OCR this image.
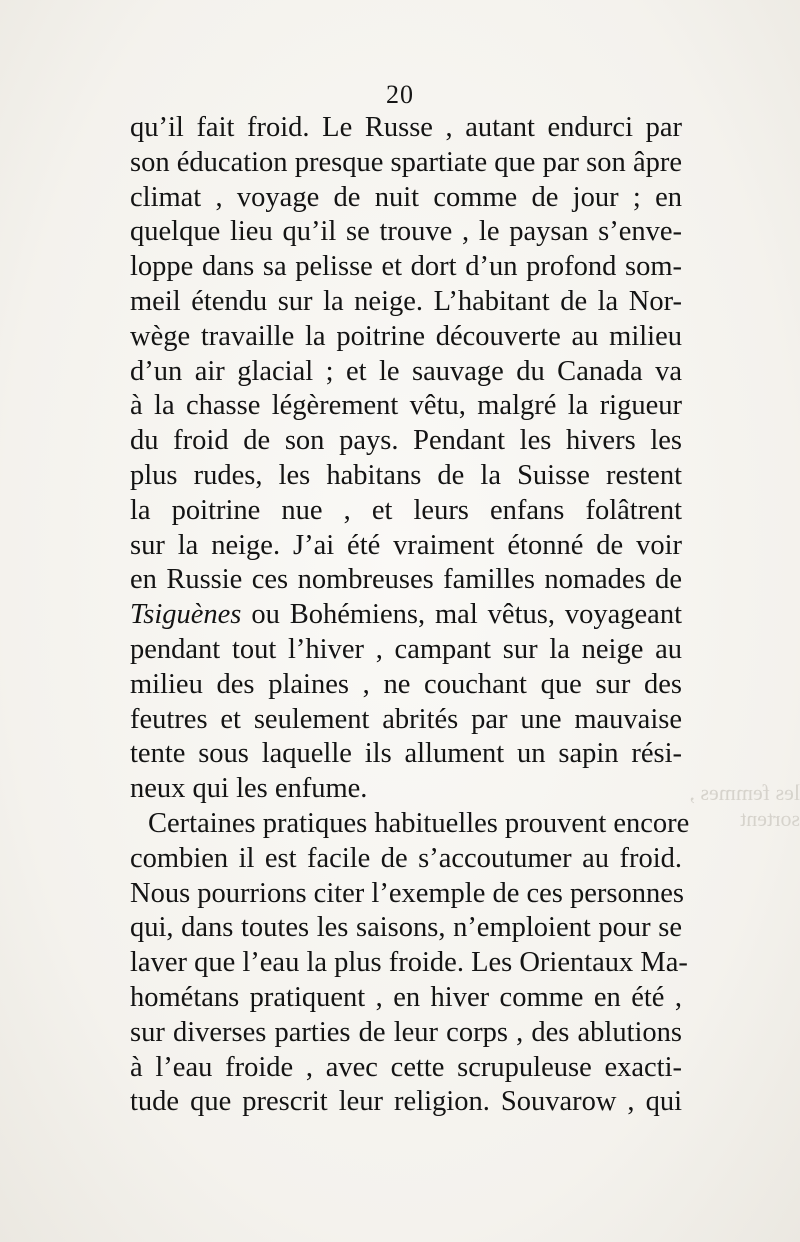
20
les femmes , sortent
qu’il fait froid. Le Russe , autant endurci par
son éducation presque spartiate que par son âpre
climat , voyage de nuit comme de jour ; en
quelque lieu qu’il se trouve , le paysan s’enve-
loppe dans sa pelisse et dort d’un profond som-
meil étendu sur la neige. L’habitant de la Nor-
wège travaille la poitrine découverte au milieu
d’un air glacial ; et le sauvage du Canada va
à la chasse légèrement vêtu, malgré la rigueur
du froid de son pays. Pendant les hivers les
plus rudes, les habitans de la Suisse restent
la poitrine nue , et leurs enfans folâtrent
sur la neige. J’ai été vraiment étonné de voir
en Russie ces nombreuses familles nomades de
Tsiguènes ou Bohémiens, mal vêtus, voyageant
pendant tout l’hiver , campant sur la neige au
milieu des plaines , ne couchant que sur des
feutres et seulement abrités par une mauvaise
tente sous laquelle ils allument un sapin rési-
neux qui les enfume.
Certaines pratiques habituelles prouvent encore
combien il est facile de s’accoutumer au froid.
Nous pourrions citer l’exemple de ces personnes
qui, dans toutes les saisons, n’emploient pour se
laver que l’eau la plus froide. Les Orientaux Ma-
hométans pratiquent , en hiver comme en été ,
sur diverses parties de leur corps , des ablutions
à l’eau froide , avec cette scrupuleuse exacti-
tude que prescrit leur religion. Souvarow , qui
